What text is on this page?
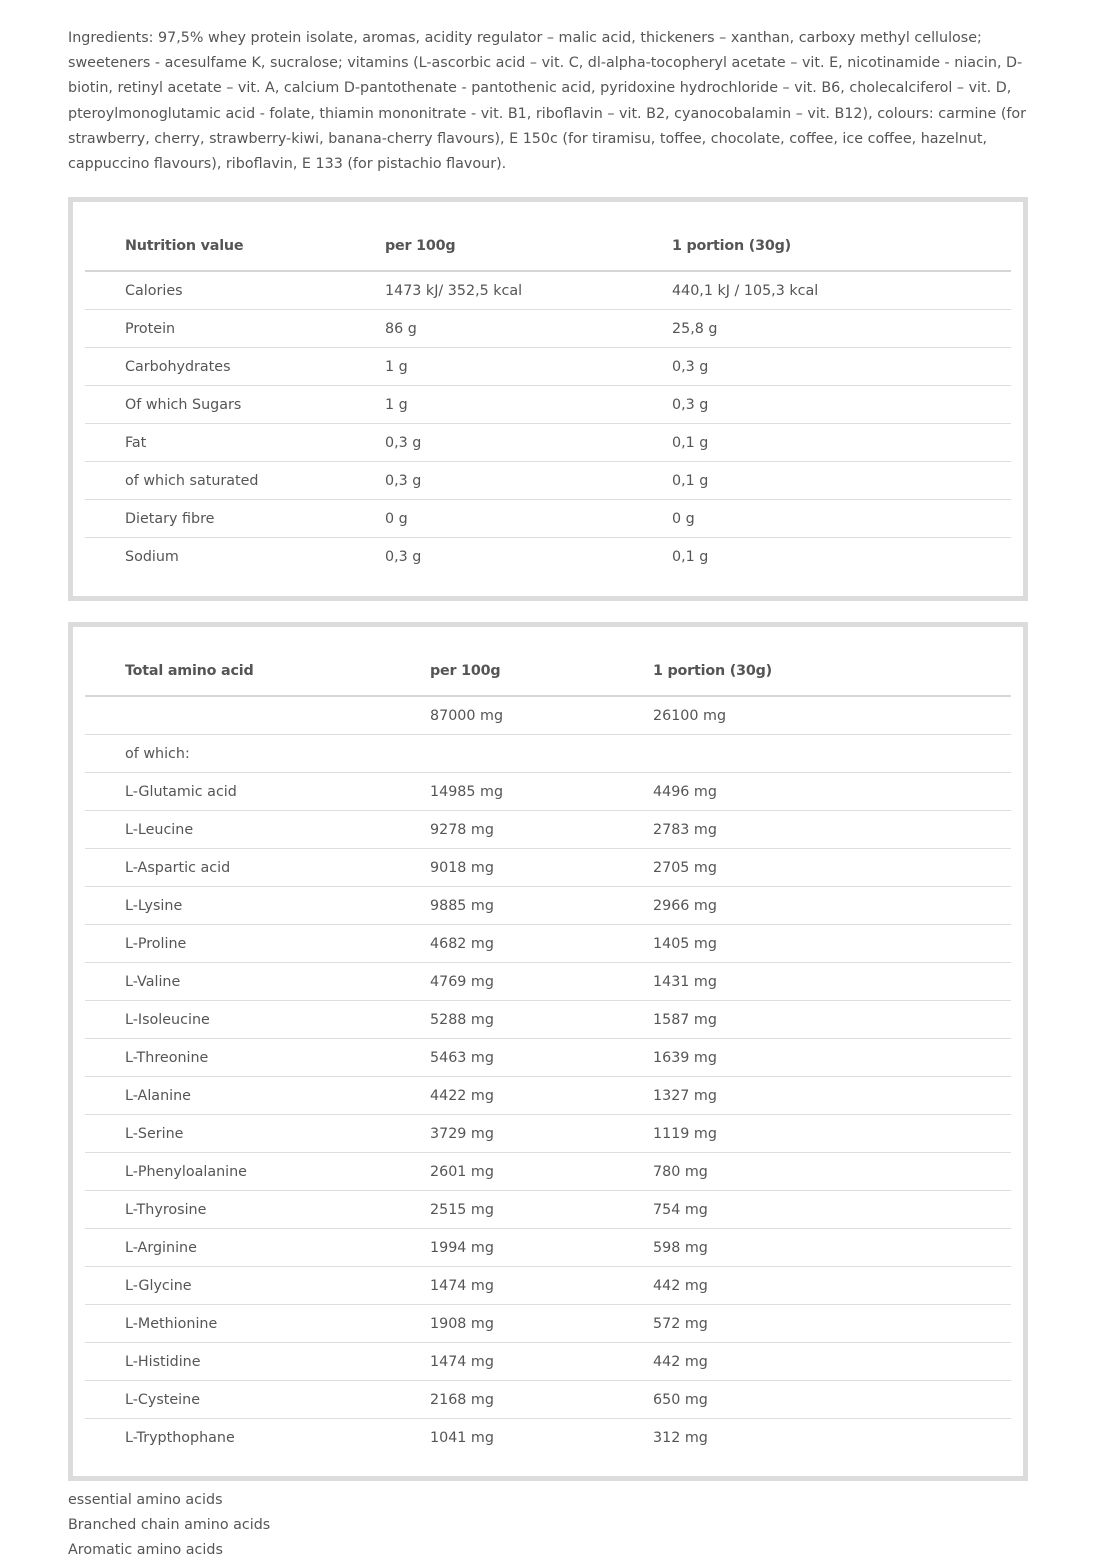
Ingredients: 97,5% whey protein isolate, aromas, acidity regulator – malic acid, thickeners – xanthan, carboxy methyl cellulose; sweeteners - acesulfame K, sucralose; vitamins (L-ascorbic acid – vit. C, dl-alpha-tocopheryl acetate – vit. E, nicotinamide - niacin, D-biotin, retinyl acetate – vit. A, calcium D-pantothenate - pantothenic acid, pyridoxine hydrochloride – vit. B6, cholecalciferol – vit. D, pteroylmonoglutamic acid - folate, thiamin mononitrate - vit. B1, riboflavin – vit. B2, cyanocobalamin – vit. B12), colours: carmine (for strawberry, cherry, strawberry-kiwi, banana-cherry flavours), E 150c (for tiramisu, toffee, chocolate, coffee, ice coffee, hazelnut, cappuccino flavours), riboflavin, E 133 (for pistachio flavour).

Nutrition value	per 100g	1 portion (30g)
Calories	1473 kJ/ 352,5 kcal	440,1 kJ / 105,3 kcal
Protein	86 g	25,8 g
Carbohydrates	1 g	0,3 g
Of which Sugars	1 g	0,3 g
Fat	0,3 g	0,1 g
of which saturated	0,3 g	0,1 g
Dietary fibre	0 g	0 g
Sodium	0,3 g	0,1 g
Total amino acid	per 100g	1 portion (30g)
	87000 mg	26100 mg
of which:		
L-Glutamic acid	14985 mg	4496 mg
L-Leucine	9278 mg	2783 mg
L-Aspartic acid	9018 mg	2705 mg
L-Lysine	9885 mg	2966 mg
L-Proline	4682 mg	1405 mg
L-Valine	4769 mg	1431 mg
L-Isoleucine	5288 mg	1587 mg
L-Threonine	5463 mg	1639 mg
L-Alanine	4422 mg	1327 mg
L-Serine	3729 mg	1119 mg
L-Phenyloalanine	2601 mg	780 mg
L-Thyrosine	2515 mg	754 mg
L-Arginine	1994 mg	598 mg
L-Glycine	1474 mg	442 mg
L-Methionine	1908 mg	572 mg
L-Histidine	1474 mg	442 mg
L-Cysteine	2168 mg	650 mg
L-Trypthophane	1041 mg	312 mg
essential amino acids
Branched chain amino acids
Aromatic amino acids
